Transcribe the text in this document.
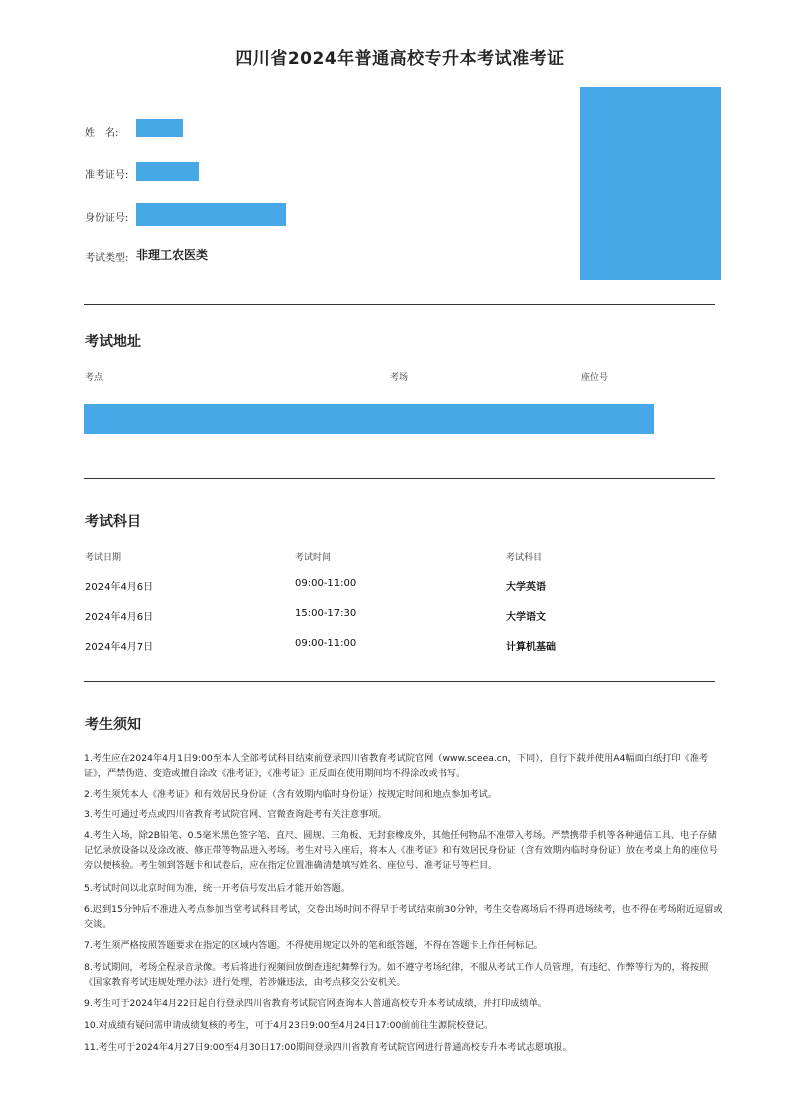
四川省2024年普通高校专升本考试准考证
姓　名:
准考证号:
身份证号:
考试类型: 非理工农医类
考试地址
考点	考场	座位号
考试科目
考试日期	考试时间	考试科目
2024年4月6日	09:00-11:00	大学英语
2024年4月6日	15:00-17:30	大学语文
2024年4月7日	09:00-11:00	计算机基础
考生须知
1.考生应在2024年4月1日9:00至本人全部考试科目结束前登录四川省教育考试院官网（www.sceea.cn，下同），自行下载并使用A4幅面白纸打印《准考证》，严禁伪造、变造或擅自涂改《准考证》，《准考证》正反面在使用期间均不得涂改或书写。
2.考生须凭本人《准考证》和有效居民身份证（含有效期内临时身份证）按规定时间和地点参加考试。
3.考生可通过考点或四川省教育考试院官网、官微查询赴考有关注意事项。
4.考生入场，除2B铅笔、0.5毫米黑色签字笔、直尺、圆规、三角板、无封套橡皮外，其他任何物品不准带入考场。严禁携带手机等各种通信工具、电子存储记忆录放设备以及涂改液、修正带等物品进入考场。考生对号入座后，将本人《准考证》和有效居民身份证（含有效期内临时身份证）放在考桌上角的座位号旁以便核验。考生领到答题卡和试卷后，应在指定位置准确清楚填写姓名、座位号、准考证号等栏目。
5.考试时间以北京时间为准，统一开考信号发出后才能开始答题。
6.迟到15分钟后不准进入考点参加当堂考试科目考试，交卷出场时间不得早于考试结束前30分钟，考生交卷离场后不得再进场续考，也不得在考场附近逗留或交谈。
7.考生须严格按照答题要求在指定的区域内答题。不得使用规定以外的笔和纸答题，不得在答题卡上作任何标记。
8.考试期间，考场全程录音录像。考后将进行视频回放倒查违纪舞弊行为。如不遵守考场纪律，不服从考试工作人员管理，有违纪、作弊等行为的，将按照《国家教育考试违规处理办法》进行处理，若涉嫌违法，由考点移交公安机关。
9.考生可于2024年4月22日起自行登录四川省教育考试院官网查询本人普通高校专升本考试成绩，并打印成绩单。
10.对成绩有疑问需申请成绩复核的考生，可于4月23日9:00至4月24日17:00前前往生源院校登记。
11.考生可于2024年4月27日9:00至4月30日17:00期间登录四川省教育考试院官网进行普通高校专升本考试志愿填报。
